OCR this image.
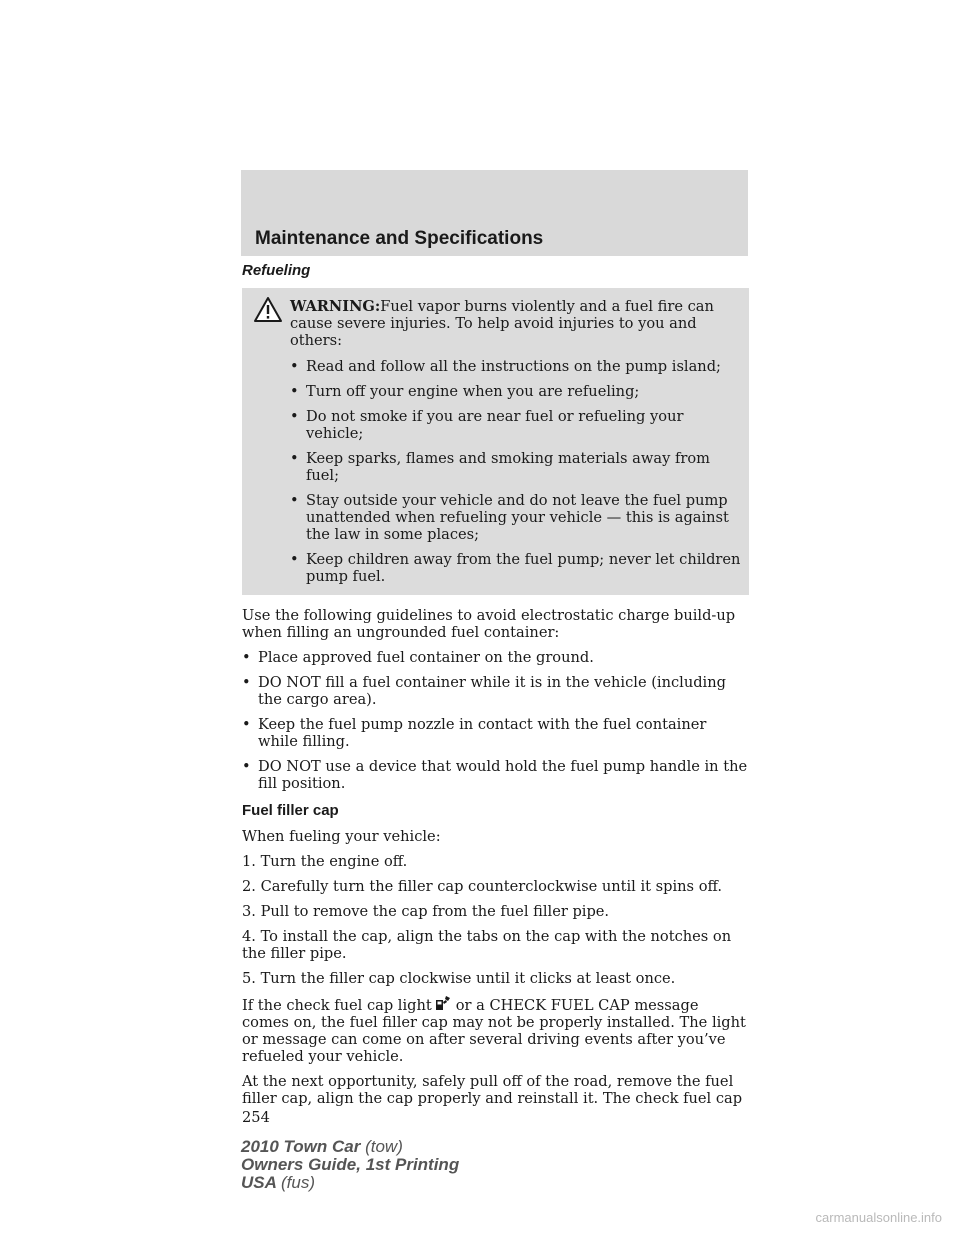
Maintenance and Specifications
Refueling

WARNING:Fuel vapor burns violently and a fuel fire can cause severe injuries. To help avoid injuries to you and others:

• Read and follow all the instructions on the pump island;
• Turn off your engine when you are refueling;
• Do not smoke if you are near fuel or refueling your vehicle;
• Keep sparks, flames and smoking materials away from fuel;
• Stay outside your vehicle and do not leave the fuel pump unattended when refueling your vehicle — this is against the law in some places;
• Keep children away from the fuel pump; never let children pump fuel.

Use the following guidelines to avoid electrostatic charge build-up when filling an ungrounded fuel container:

• Place approved fuel container on the ground.
• DO NOT fill a fuel container while it is in the vehicle (including the cargo area).
• Keep the fuel pump nozzle in contact with the fuel container while filling.
• DO NOT use a device that would hold the fuel pump handle in the fill position.
Fuel filler cap

When fueling your vehicle:

1. Turn the engine off.

2. Carefully turn the filler cap counterclockwise until it spins off.

3. Pull to remove the cap from the fuel filler pipe.

4. To install the cap, align the tabs on the cap with the notches on the filler pipe.

5. Turn the filler cap clockwise until it clicks at least once.

If the check fuel cap light or a CHECK FUEL CAP message comes on, the fuel filler cap may not be properly installed. The light or message can come on after several driving events after you’ve refueled your vehicle.

At the next opportunity, safely pull off of the road, remove the fuel filler cap, align the cap properly and reinstall it. The check fuel cap

254
2010 Town Car (tow)
Owners Guide, 1st Printing
USA (fus)
carmanualsonline.info
